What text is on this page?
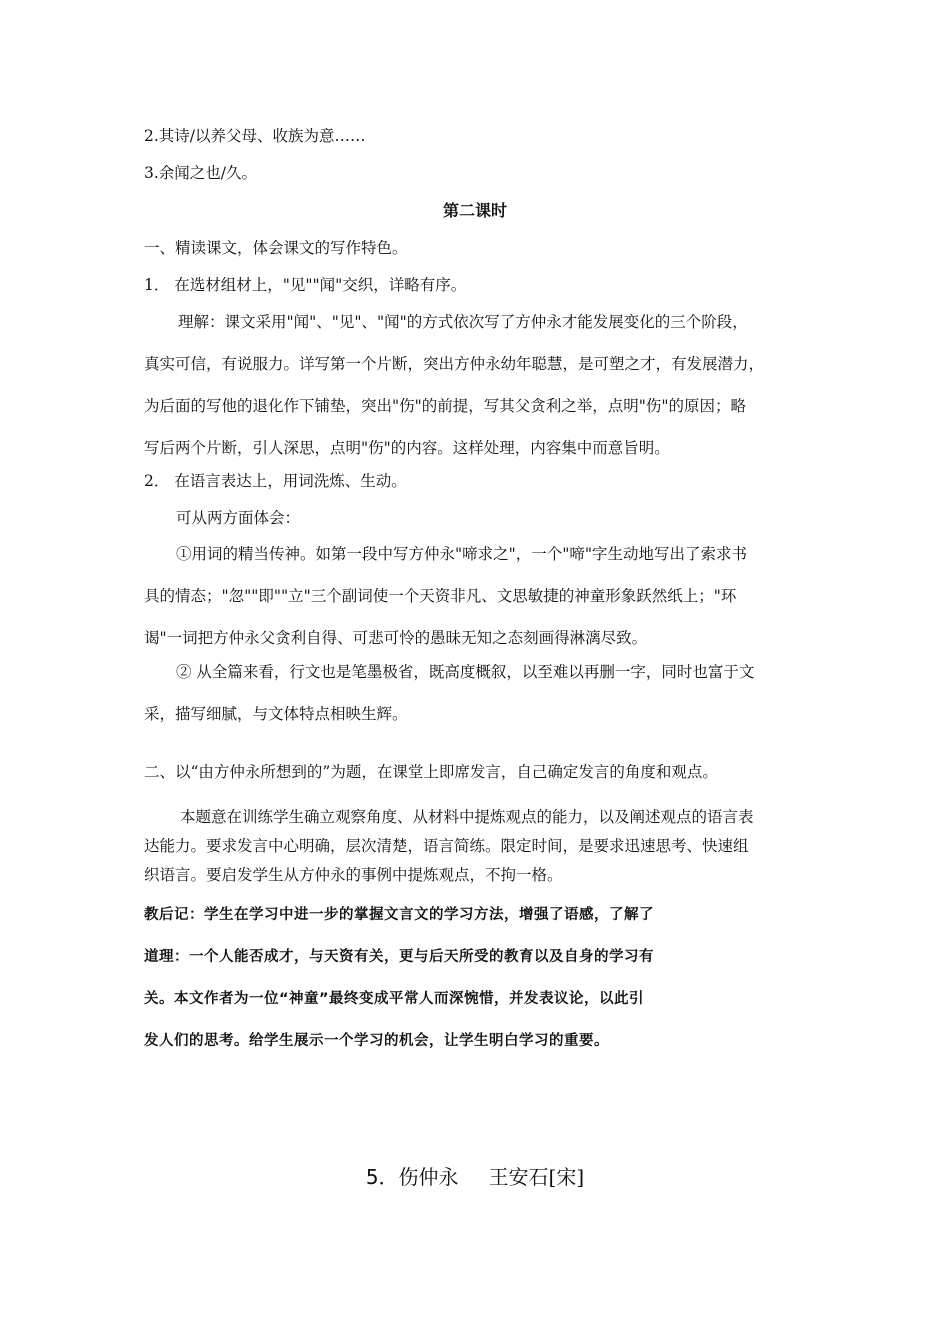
2.其诗/以养父母、收族为意……
3.余闻之也/久。
第二课时
一、精读课文，体会课文的写作特色。
1． 在选材组材上，"见""闻"交织，详略有序。
理解：课文采用"闻"、"见"、"闻"的方式依次写了方仲永才能发展变化的三个阶段，
真实可信，有说服力。详写第一个片断，突出方仲永幼年聪慧，是可塑之才，有发展潜力，
为后面的写他的退化作下铺垫，突出"伤"的前提，写其父贪利之举，点明"伤"的原因；略
写后两个片断，引人深思，点明"伤"的内容。这样处理，内容集中而意旨明。
2． 在语言表达上，用词洗炼、生动。
可从两方面体会：
①用词的精当传神。如第一段中写方仲永"啼求之"，一个"啼"字生动地写出了索求书
具的情态；"忽""即""立"三个副词使一个天资非凡、文思敏捷的神童形象跃然纸上；"环
谒"一词把方仲永父贪利自得、可悲可怜的愚昧无知之态刻画得淋漓尽致。
② 从全篇来看，行文也是笔墨极省，既高度概叙，以至难以再删一字，同时也富于文
采，描写细腻，与文体特点相映生辉。
二、以“由方仲永所想到的”为题，在课堂上即席发言，自己确定发言的角度和观点。
本题意在训练学生确立观察角度、从材料中提炼观点的能力，以及阐述观点的语言表
达能力。要求发言中心明确，层次清楚，语言简练。限定时间，是要求迅速思考、快速组
织语言。要启发学生从方仲永的事例中提炼观点，不拘一格。
教后记：学生在学习中进一步的掌握文言文的学习方法，增强了语感，了解了
道理：一个人能否成才，与天资有关，更与后天所受的教育以及自身的学习有
关。本文作者为一位“神童”最终变成平常人而深惋惜，并发表议论，以此引
发人们的思考。给学生展示一个学习的机会，让学生明白学习的重要。
5．伤仲永 王安石[宋]
